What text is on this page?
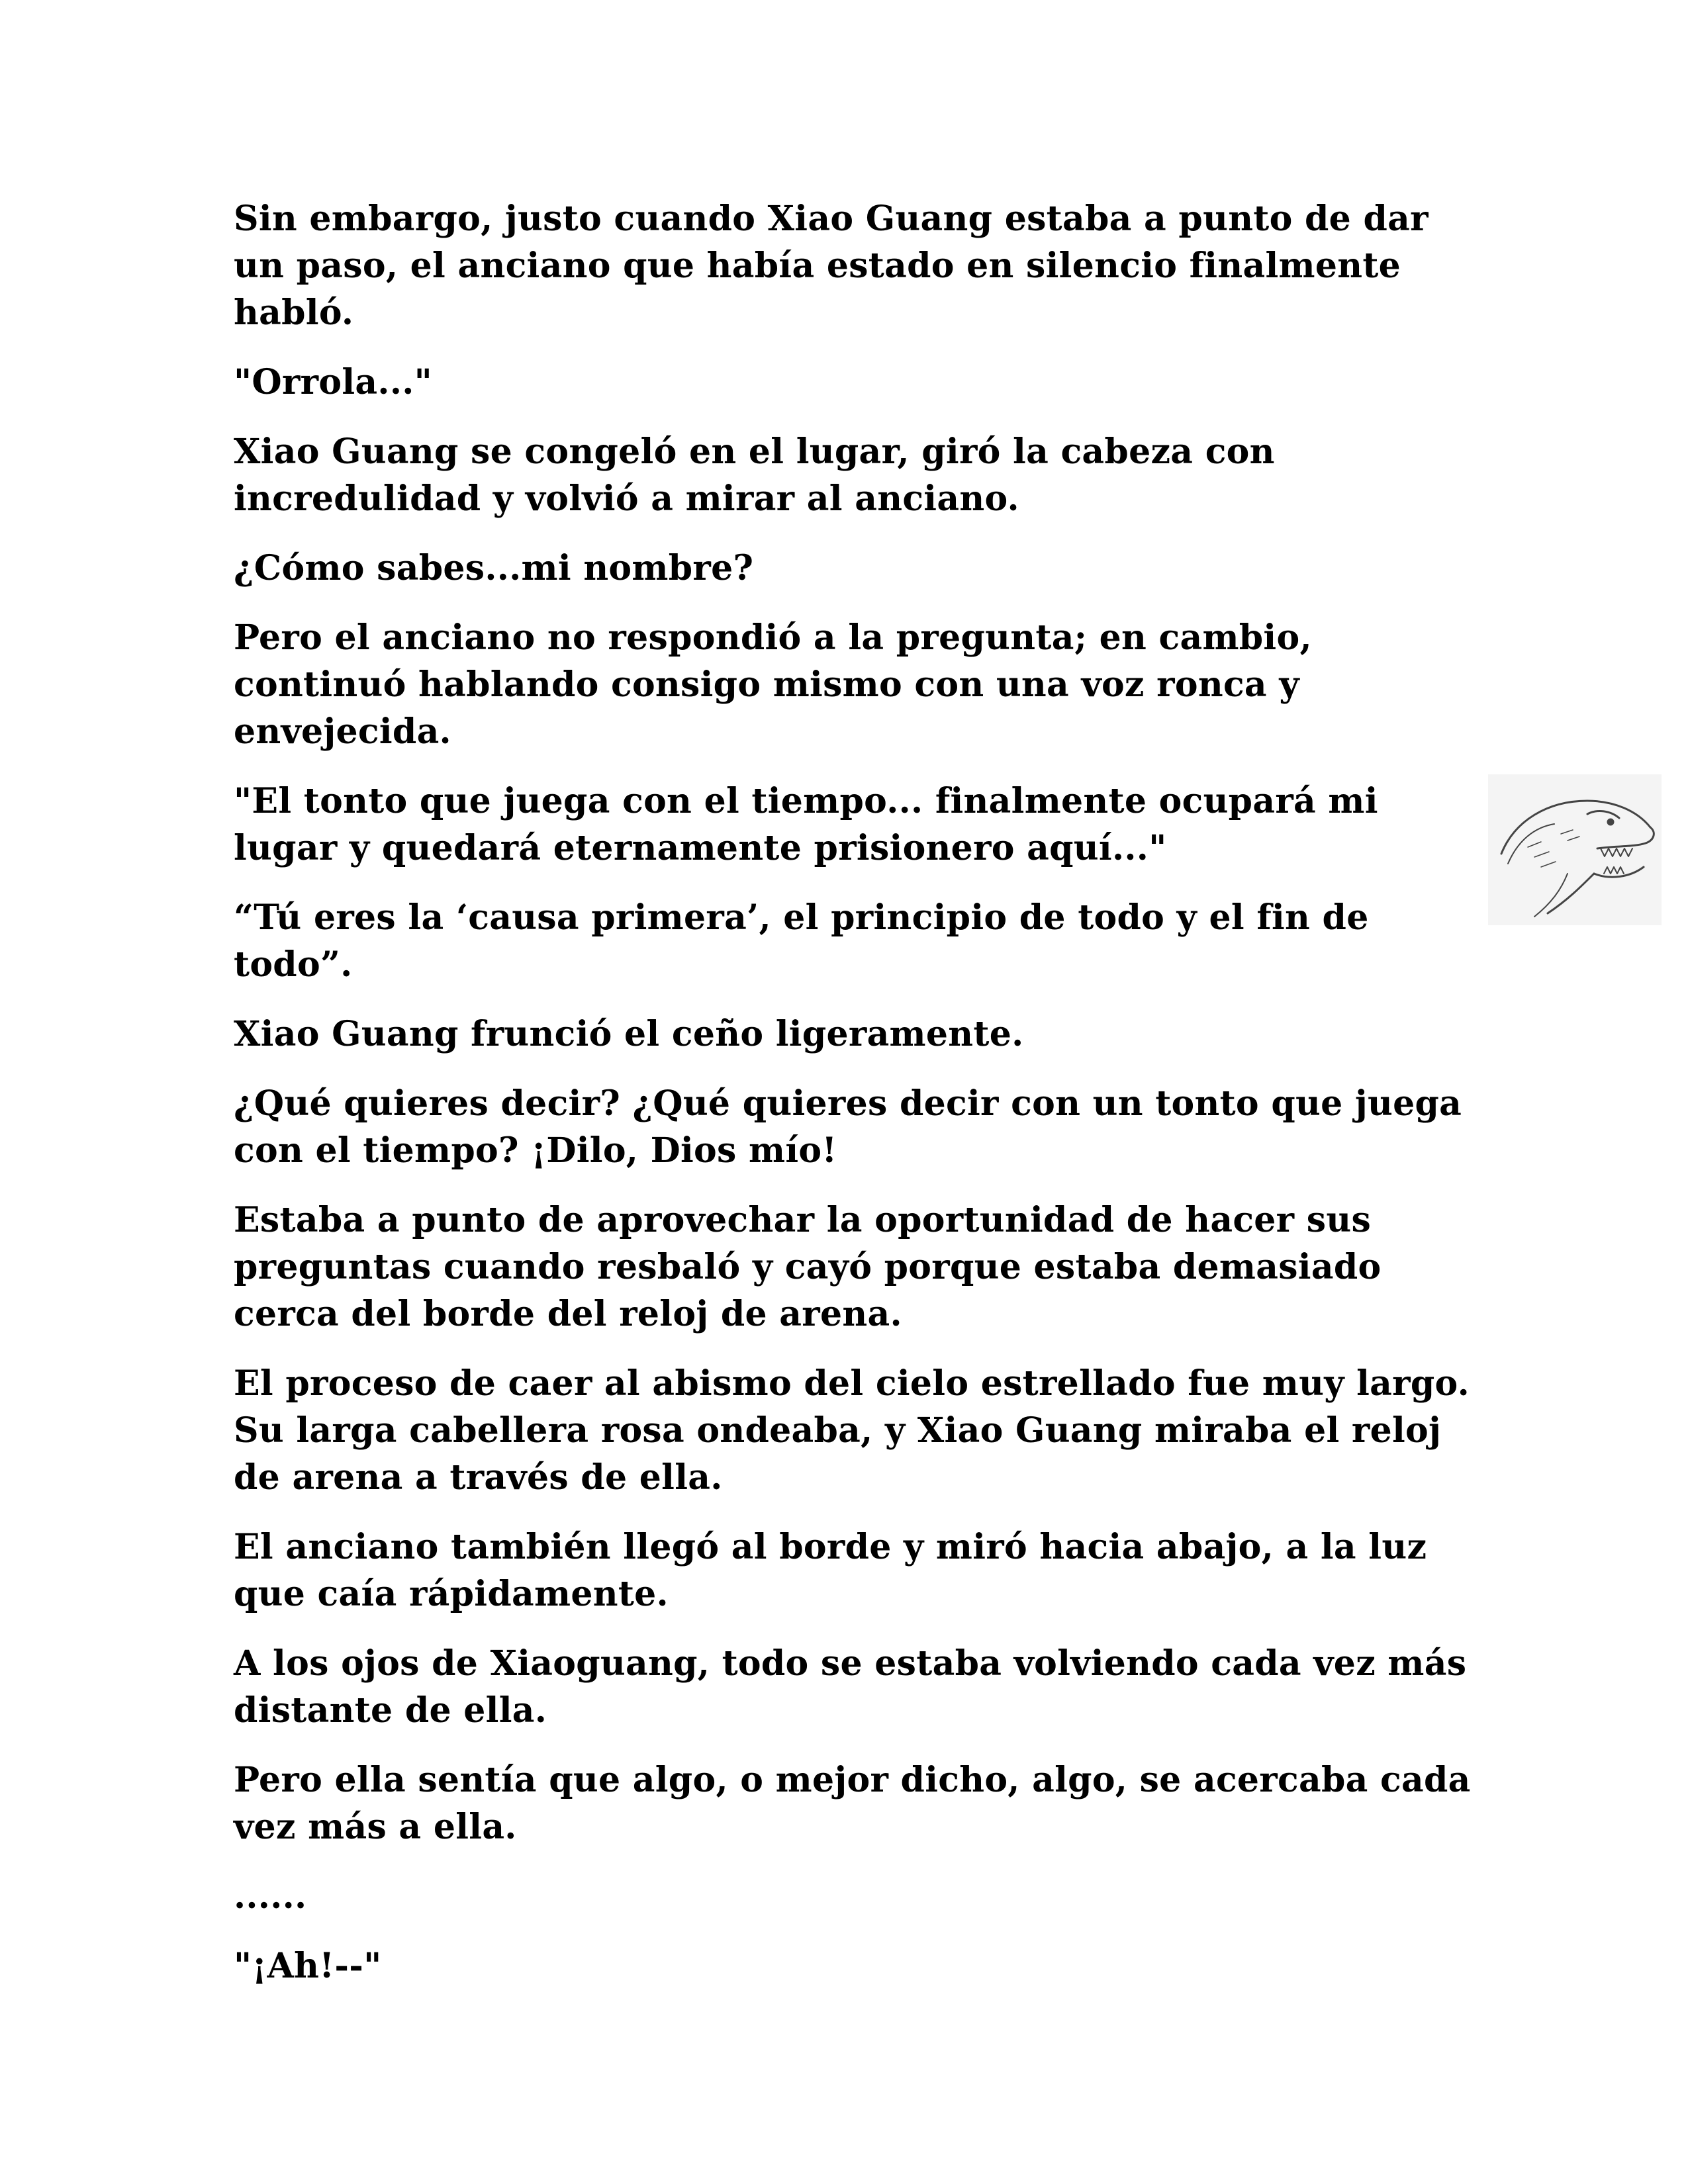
Sin embargo, justo cuando Xiao Guang estaba a punto de dar
un paso, el anciano que había estado en silencio finalmente
habló.

"Orrola..."

Xiao Guang se congeló en el lugar, giró la cabeza con
incredulidad y volvió a mirar al anciano.

¿Cómo sabes...mi nombre?

Pero el anciano no respondió a la pregunta; en cambio,
continuó hablando consigo mismo con una voz ronca y
envejecida.

"El tonto que juega con el tiempo... finalmente ocupará mi
lugar y quedará eternamente prisionero aquí..."

“Tú eres la ‘causa primera’, el principio de todo y el fin de
todo”.

Xiao Guang frunció el ceño ligeramente.

¿Qué quieres decir? ¿Qué quieres decir con un tonto que juega
con el tiempo? ¡Dilo, Dios mío!

Estaba a punto de aprovechar la oportunidad de hacer sus
preguntas cuando resbaló y cayó porque estaba demasiado
cerca del borde del reloj de arena.

El proceso de caer al abismo del cielo estrellado fue muy largo.
Su larga cabellera rosa ondeaba, y Xiao Guang miraba el reloj
de arena a través de ella.

El anciano también llegó al borde y miró hacia abajo, a la luz
que caía rápidamente.

A los ojos de Xiaoguang, todo se estaba volviendo cada vez más
distante de ella.

Pero ella sentía que algo, o mejor dicho, algo, se acercaba cada
vez más a ella.

......

"¡Ah!--"
